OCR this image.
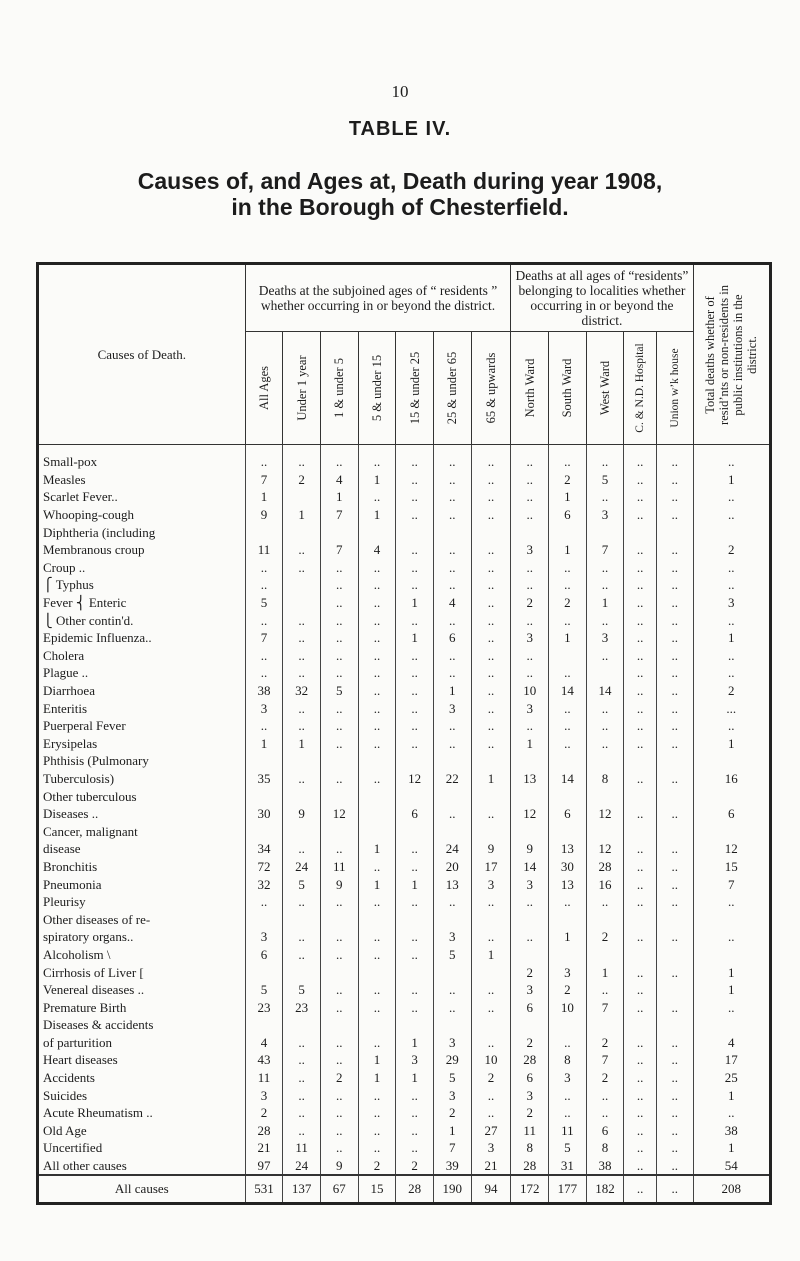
10
TABLE IV.
Causes of, and Ages at, Death during year 1908,
in the Borough of Chesterfield.
Causes of Death.	Deaths at the subjoined ages of “ residents ” whether occurring in or beyond the district.							Deaths at all ages of “residents” belonging to localities whether occurring in or beyond the district.					Total deaths whether of resid’nts or non-residents in public institutions in the district.

	All Ages	Under 1 year	1 & under 5	5 & under 15	15 & under 25	25 & under 65	65 & upwards	North Ward	South Ward	West Ward	C. & N.D. Hospital	Union w’k house	

Small-pox	..	..	..	..	..	..	..	..	..	..	..	..	..
Measles	7	2	4	1	..	..	..	..	2	5	..	..	1
Scarlet Fever..	1		1	..	..	..	..	..	1	..	..	..	..
Whooping-cough	9	1	7	1	..	..	..	..	6	3	..	..	..
Diphtheria (including													
Membranous croup	11	..	7	4	..	..	..	3	1	7	..	..	2
Croup ..	..	..	..	..	..	..	..	..	..	..	..	..	..
⎧ Typhus	..		..	..	..	..	..	..	..	..	..	..	..
Fever ⎨ Enteric	5		..	..	1	4	..	2	2	1	..	..	3
⎩ Other contin'd.	..	..	..	..	..	..	..	..	..	..	..	..	..
Epidemic Influenza..	7	..	..	..	1	6	..	3	1	3	..	..	1
Cholera	..	..	..	..	..	..	..	..		..	..	..	..
Plague ..	..	..	..	..	..	..	..	..	..		..	..	..
Diarrhoea	38	32	5	..	..	1	..	10	14	14	..	..	2
Enteritis	3	..	..	..	..	3	..	3	..	..	..	..	...
Puerperal Fever	..	..	..	..	..	..	..	..	..	..	..	..	..
Erysipelas	1	1	..	..	..	..	..	1	..	..	..	..	1
Phthisis (Pulmonary													
Tuberculosis)	35	..	..	..	12	22	1	13	14	8	..	..	16
Other tuberculous													
Diseases ..	30	9	12		6	..	..	12	6	12	..	..	6
Cancer, malignant													
disease	34	..	..	1	..	24	9	9	13	12	..	..	12
Bronchitis	72	24	11	..	..	20	17	14	30	28	..	..	15
Pneumonia	32	5	9	1	1	13	3	3	13	16	..	..	7
Pleurisy	..	..	..	..	..	..	..	..	..	..	..	..	..
Other diseases of re-													
spiratory organs..	3	..	..	..	..	3	..	..	1	2	..	..	..
Alcoholism \	6	..	..	..	..	5	1						
Cirrhosis of Liver [								2	3	1	..	..	1
Venereal diseases ..	5	5	..	..	..	..	..	3	2	..	..		1
Premature Birth	23	23	..	..	..	..	..	6	10	7	..	..	..
Diseases & accidents													
of parturition	4	..	..	..	1	3	..	2	..	2	..	..	4
Heart diseases	43	..	..	1	3	29	10	28	8	7	..	..	17
Accidents	11	..	2	1	1	5	2	6	3	2	..	..	25
Suicides	3	..	..	..	..	3	..	3	..	..	..	..	1
Acute Rheumatism ..	2	..	..	..	..	2	..	2	..	..	..	..	..
Old Age	28	..	..	..	..	1	27	11	11	6	..	..	38
Uncertified	21	11	..	..	..	7	3	8	5	8	..	..	1
All other causes	97	24	9	2	2	39	21	28	31	38	..	..	54
All causes	531	137	67	15	28	190	94	172	177	182	..	..	208
